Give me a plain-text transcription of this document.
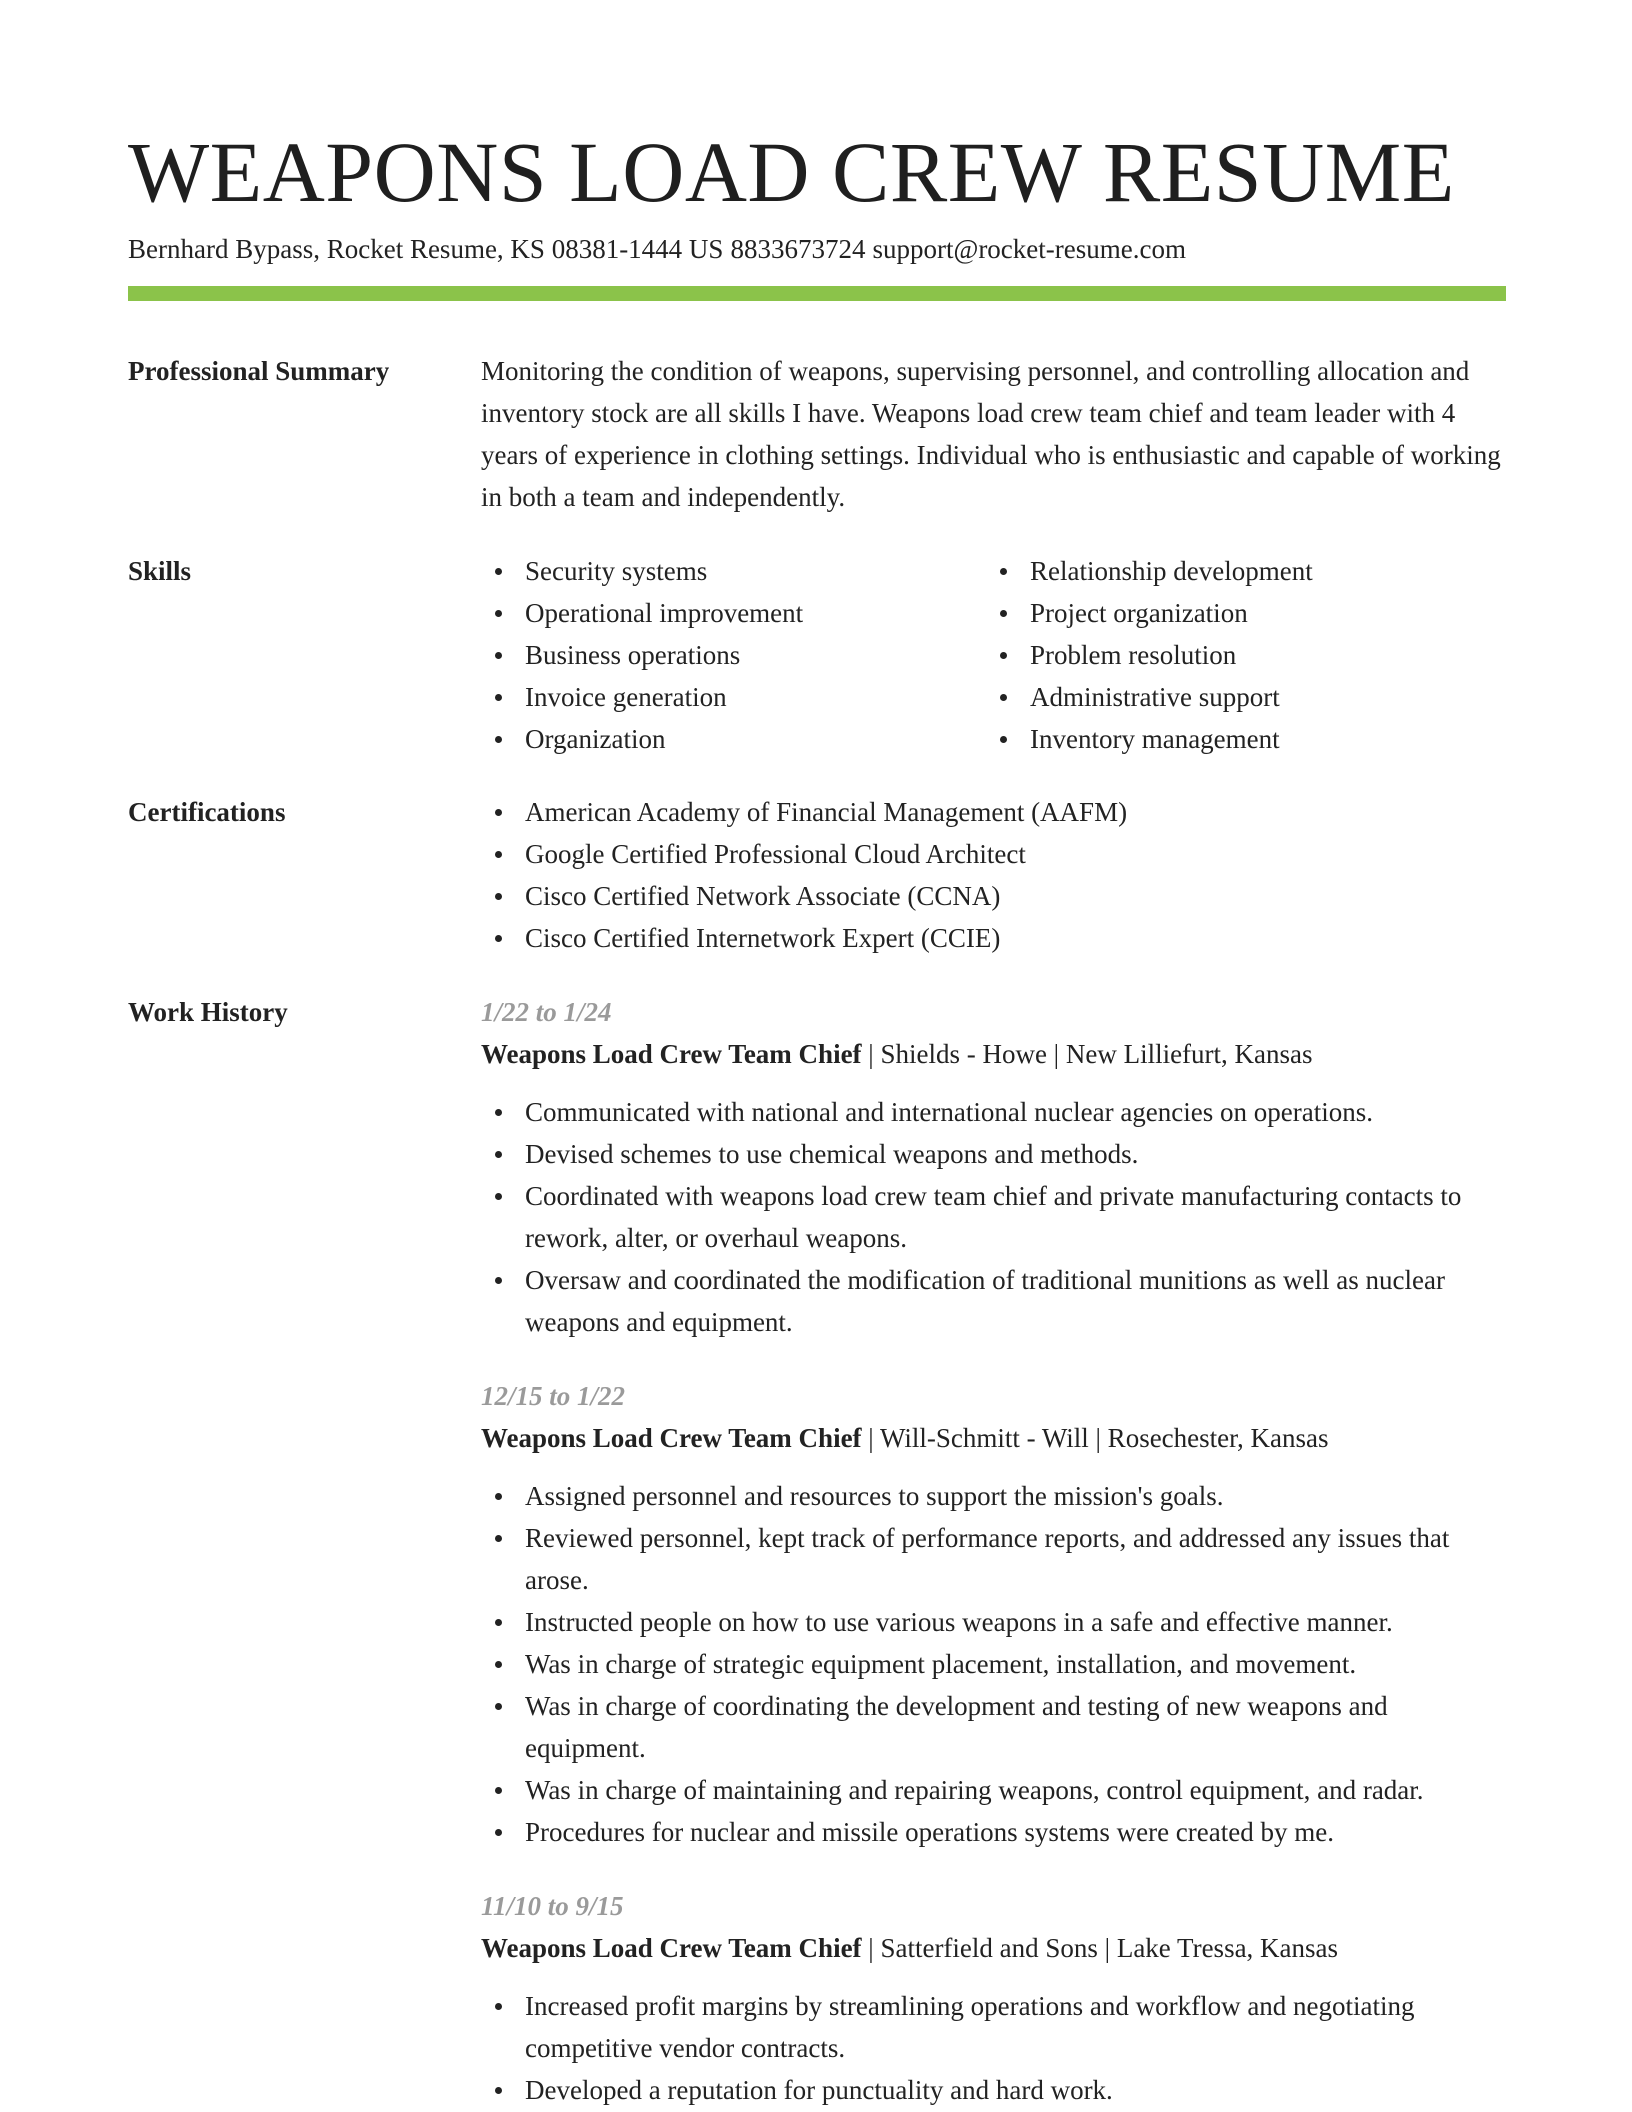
WEAPONS LOAD CREW RESUME
Bernhard Bypass, Rocket Resume, KS 08381-1444 US 8833673724 support@rocket-resume.com
Professional Summary	Monitoring the condition of weapons, supervising personnel, and controlling allocation and inventory stock are all skills I have. Weapons load crew team chief and team leader with 4 years of experience in clothing settings. Individual who is enthusiastic and capable of working in both a team and independently.

Skills	Security systems
Operational improvement
Business operations
Invoice generation
Organization
Relationship development
Project organization
Problem resolution
Administrative support
Inventory management
Certifications	American Academy of Financial Management (AAFM)
Google Certified Professional Cloud Architect
Cisco Certified Network Associate (CCNA)
Cisco Certified Internetwork Expert (CCIE)
Work History	1/22 to 1/24
Weapons Load Crew Team Chief | Shields - Howe | New Lilliefurt, Kansas
Communicated with national and international nuclear agencies on operations.
Devised schemes to use chemical weapons and methods.
Coordinated with weapons load crew team chief and private manufacturing contacts to rework, alter, or overhaul weapons.
Oversaw and coordinated the modification of traditional munitions as well as nuclear weapons and equipment.
12/15 to 1/22
Weapons Load Crew Team Chief | Will-Schmitt - Will | Rosechester, Kansas
Assigned personnel and resources to support the mission's goals.
Reviewed personnel, kept track of performance reports, and addressed any issues that arose.
Instructed people on how to use various weapons in a safe and effective manner.
Was in charge of strategic equipment placement, installation, and movement.
Was in charge of coordinating the development and testing of new weapons and equipment.
Was in charge of maintaining and repairing weapons, control equipment, and radar.
Procedures for nuclear and missile operations systems were created by me.
11/10 to 9/15
Weapons Load Crew Team Chief | Satterfield and Sons | Lake Tressa, Kansas
Increased profit margins by streamlining operations and workflow and negotiating competitive vendor contracts.
Developed a reputation for punctuality and hard work.
